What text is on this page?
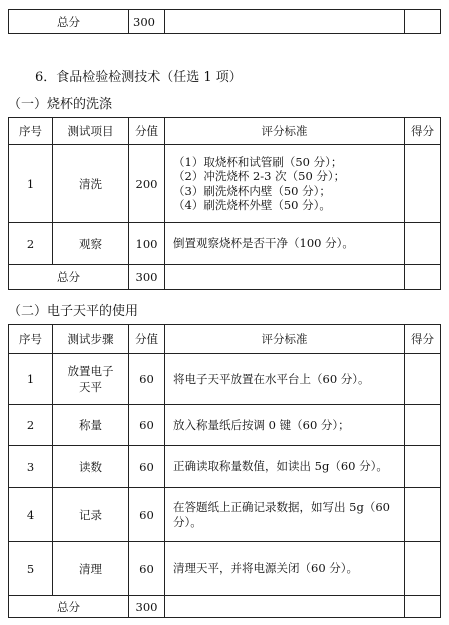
总分	300		
6．食品检验检测技术（任选 1 项）
（一）烧杯的洗涤
序号	测试项目	分值	评分标准	得分
1	清洗	200	（1）取烧杯和试管刷（50 分）；
（2）冲洗烧杯 2-3 次（50 分）；
（3）刷洗烧杯内壁（50 分）；
（4）刷洗烧杯外壁（50 分）。	

2	观察	100	倒置观察烧杯是否干净（100 分）。	

总分		300		
（二）电子天平的使用
序号	测试步骤	分值	评分标准	得分
1	放置电子天平	60	将电子天平放置在水平台上（60 分）。	
2	称量	60	放入称量纸后按调 0 键（60 分）；	
3	读数	60	正确读取称量数值，如读出 5g（60 分）。	
4	记录	60	在答题纸上正确记录数据，如写出 5g（60 分）。	
5	清理	60	清理天平，并将电源关闭（60 分）。	
总分		300		
